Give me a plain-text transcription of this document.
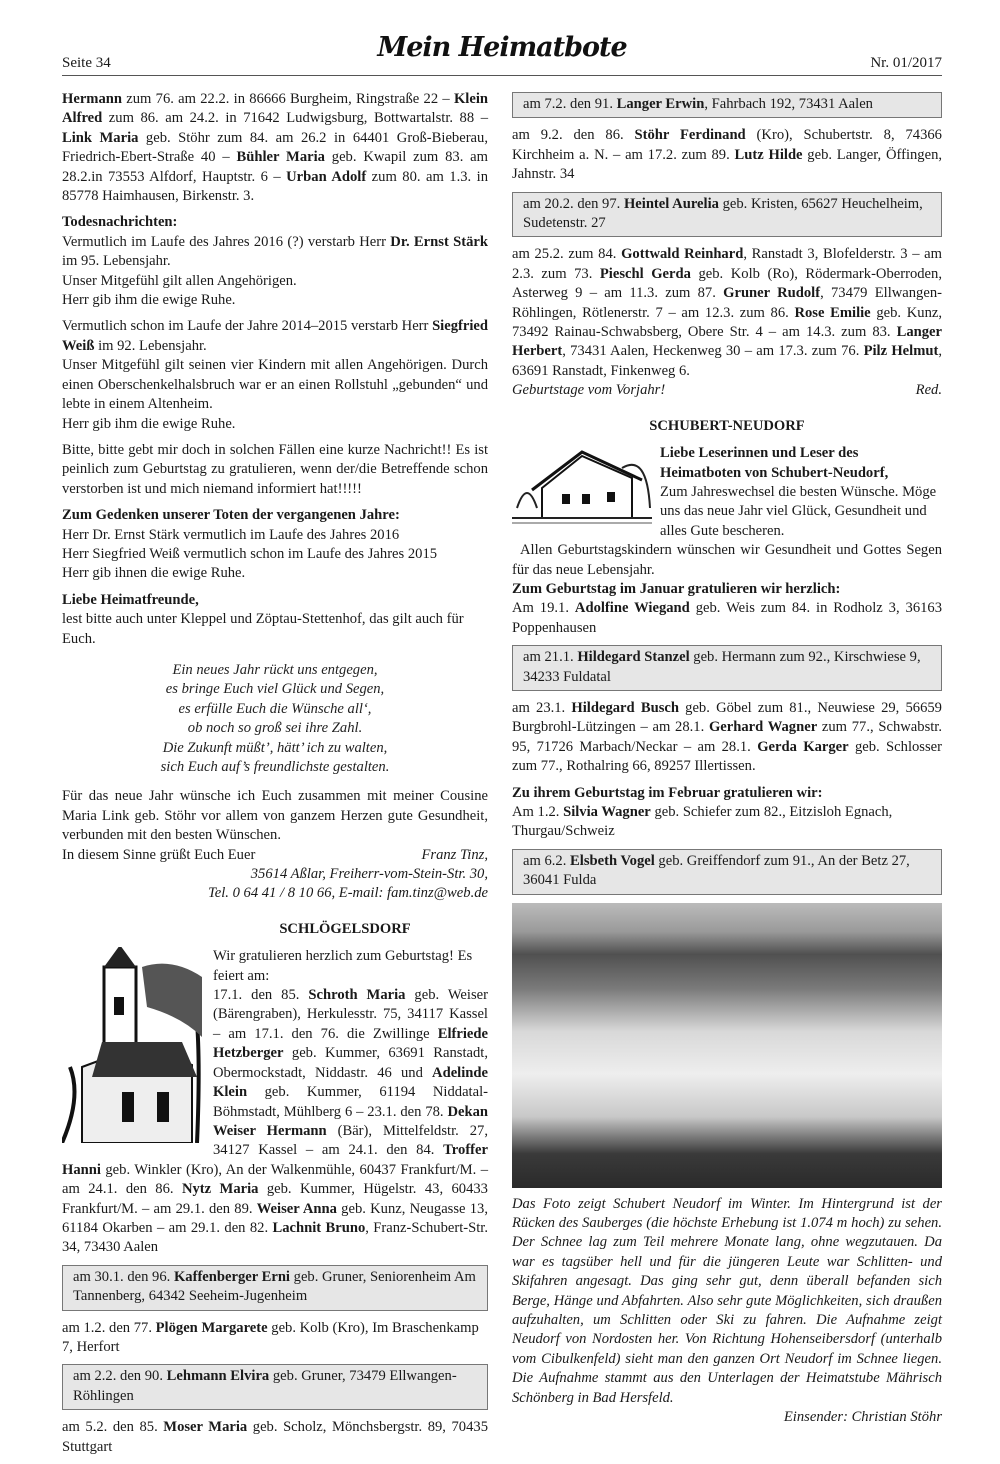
Seite 34	Mein Heimatbote	Nr. 01/2017

Hermann zum 76. am 22.2. in 86666 Burgheim, Ringstraße 22 – Klein Alfred zum 86. am 24.2. in 71642 Ludwigsburg, Bottwartalstr. 88 – Link Maria geb. Stöhr zum 84. am 26.2 in 64401 Groß-Bieberau, Friedrich-Ebert-Straße 40 – Bühler Maria geb. Kwapil zum 83. am 28.2.in 73553 Alfdorf, Hauptstr. 6 – Urban Adolf zum 80. am 1.3. in 85778 Haimhausen, Birkenstr. 3.

Todesnachrichten:
Vermutlich im Laufe des Jahres 2016 (?) verstarb Herr Dr. Ernst Stärk im 95. Lebensjahr.
Unser Mitgefühl gilt allen Angehörigen.

Herr gib ihm die ewige Ruhe.

Vermutlich schon im Laufe der Jahre 2014–2015 verstarb Herr Siegfried Weiß im 92. Lebensjahr.
Unser Mitgefühl gilt seinen vier Kindern mit allen Angehörigen. Durch einen Oberschenkelhalsbruch war er an einen Rollstuhl „gebunden“ und lebte in einem Altenheim.

Herr gib ihm die ewige Ruhe.

Bitte, bitte gebt mir doch in solchen Fällen eine kurze Nachricht!! Es ist peinlich zum Geburtstag zu gratulieren, wenn der/die Betreffende schon verstorben ist und mich niemand informiert hat!!!!!

Zum Gedenken unserer Toten der vergangenen Jahre:
Herr Dr. Ernst Stärk vermutlich im Laufe des Jahres 2016
Herr Siegfried Weiß vermutlich schon im Laufe des Jahres 2015

Herr gib ihnen die ewige Ruhe.

Liebe Heimatfreunde,
lest bitte auch unter Kleppel und Zöptau-Stettenhof, das gilt auch für Euch.
Ein neues Jahr rückt uns entgegen,
es bringe Euch viel Glück und Segen,
es erfülle Euch die Wünsche all‘,
ob noch so groß sei ihre Zahl.
Die Zukunft müßt’, hätt’ ich zu walten,
sich Euch auf’s freundlichste gestalten.
Für das neue Jahr wünsche ich Euch zusammen mit meiner Cousine Maria Link geb. Stöhr vor allem von ganzem Herzen gute Gesundheit, verbunden mit den besten Wünschen.
In diesem Sinne grüßt Euch Euer	Franz Tinz,
35614 Aßlar, Freiherr-vom-Stein-Str. 30,
Tel. 0 64 41 / 8 10 66, E-mail: fam.tinz@web.de
SCHLÖGELSDORF
Wir gratulieren herzlich zum Geburtstag! Es feiert am:

17.1. den 85. Schroth Maria geb. Weiser (Bärengraben), Herkulesstr. 75, 34117 Kassel – am 17.1. den 76. die Zwillinge Elfriede Hetzberger geb. Kummer, 63691 Ranstadt, Obermockstadt, Niddastr. 46 und Adelinde Klein geb. Kummer, 61194 Niddatal-Böhmstadt, Mühlberg 6 – 23.1. den 78. Dekan Weiser Hermann (Bär), Mittelfeldstr. 27, 34127 Kassel – am 24.1. den 84. Troffer Hanni geb. Winkler (Kro), An der Walkenmühle, 60437 Frankfurt/M. – am 24.1. den 86. Nytz Maria geb. Kummer, Hügelstr. 43, 60433 Frankfurt/M. – am 29.1. den 89. Weiser Anna geb. Kunz, Neugasse 13, 61184 Okarben – am 29.1. den 82. Lachnit Bruno, Franz-Schubert-Str. 34, 73430 Aalen

am 30.1. den 96. Kaffenberger Erni geb. Gruner, Seniorenheim Am Tannenberg, 64342 Seeheim-Jugenheim

am 1.2. den 77. Plögen Margarete geb. Kolb (Kro), Im Braschenkamp 7, Herfort

am 2.2. den 90. Lehmann Elvira geb. Gruner, 73479 Ellwangen-Röhlingen

am 5.2. den 85. Moser Maria geb. Scholz, Mönchsbergstr. 89, 70435 Stuttgart

am 7.2. den 91. Langer Erwin, Fahrbach 192, 73431 Aalen

am 9.2. den 86. Stöhr Ferdinand (Kro), Schubertstr. 8, 74366 Kirchheim a. N. – am 17.2. zum 89. Lutz Hilde geb. Langer, Öffingen, Jahnstr. 34

am 20.2. den 97. Heintel Aurelia geb. Kristen, 65627 Heuchelheim, Sudetenstr. 27
am 25.2. zum 84. Gottwald Reinhard, Ranstadt 3, Blofelderstr. 3 – am 2.3. zum 73. Pieschl Gerda geb. Kolb (Ro), Rödermark-Oberroden, Asterweg 9 – am 11.3. zum 87. Gruner Rudolf, 73479 Ellwangen-Röhlingen, Rötlenerstr. 7 – am 12.3. zum 86. Rose Emilie geb. Kunz, 73492 Rainau-Schwabsberg, Obere Str. 4 – am 14.3. zum 83. Langer Herbert, 73431 Aalen, Heckenweg 30 – am 17.3. zum 76. Pilz Helmut, 63691 Ranstadt, Finkenweg 6.
Geburtstage vom Vorjahr!	Red.
SCHUBERT-NEUDORF
Liebe Leserinnen und Leser des Heimatboten von Schubert-Neudorf,
Zum Jahreswechsel die besten Wünsche. Möge uns das neue Jahr viel Glück, Gesundheit und alles Gute bescheren.
Allen Geburtstagskindern wünschen wir Gesundheit und Gottes Segen für das neue Lebensjahr.
Zum Geburtstag im Januar gratulieren wir herzlich:

Am 19.1. Adolfine Wiegand geb. Weis zum 84. in Rodholz 3, 36163 Poppenhausen

am 21.1. Hildegard Stanzel geb. Hermann zum 92., Kirschwiese 9, 34233 Fuldatal

am 23.1. Hildegard Busch geb. Göbel zum 81., Neuwiese 29, 56659 Burgbrohl-Lützingen – am 28.1. Gerhard Wagner zum 77., Schwabstr. 95, 71726 Marbach/Neckar – am 28.1. Gerda Karger geb. Schlosser zum 77., Rothalring 66, 89257 Illertissen.

Zu ihrem Geburtstag im Februar gratulieren wir:

Am 1.2. Silvia Wagner geb. Schiefer zum 82., Eitzisloh Egnach, Thurgau/Schweiz

am 6.2. Elsbeth Vogel geb. Greiffendorf zum 91., An der Betz 27, 36041 Fulda
Das Foto zeigt Schubert Neudorf im Winter. Im Hintergrund ist der Rücken des Sauberges (die höchste Erhebung ist 1.074 m hoch) zu sehen. Der Schnee lag zum Teil mehrere Monate lang, ohne wegzutauen. Da war es tagsüber hell und für die jüngeren Leute war Schlitten- und Skifahren angesagt. Das ging sehr gut, denn überall befanden sich Berge, Hänge und Abfahrten. Also sehr gute Möglichkeiten, sich draußen aufzuhalten, um Schlitten oder Ski zu fahren. Die Aufnahme zeigt Neudorf von Nordosten her. Von Richtung Hohenseibersdorf (unterhalb vom Cibulkenfeld) sieht man den ganzen Ort Neudorf im Schnee liegen. Die Aufnahme stammt aus den Unterlagen der Heimatstube Mährisch Schönberg in Bad Hersfeld.
Einsender: Christian Stöhr
